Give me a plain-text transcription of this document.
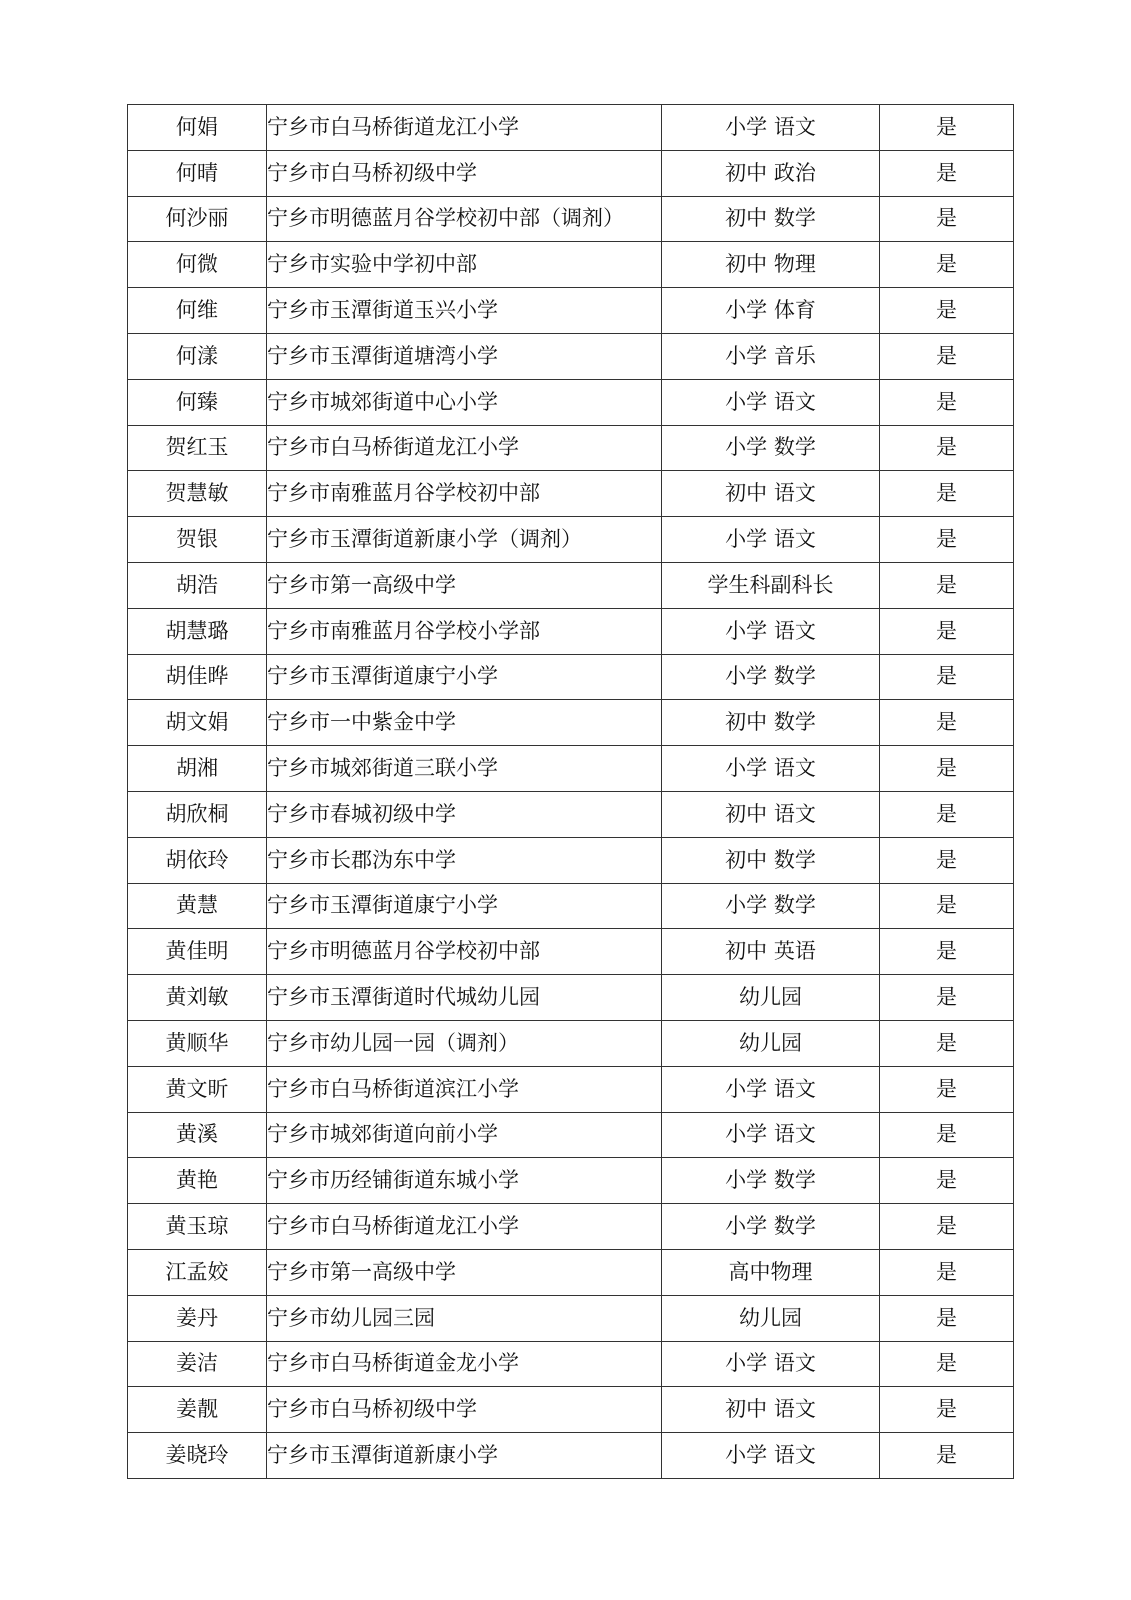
何娟	宁乡市白马桥街道龙江小学	小学 语文	是
何晴	宁乡市白马桥初级中学	初中 政治	是
何沙丽	宁乡市明德蓝月谷学校初中部（调剂）	初中 数学	是
何微	宁乡市实验中学初中部	初中 物理	是
何维	宁乡市玉潭街道玉兴小学	小学 体育	是
何漾	宁乡市玉潭街道塘湾小学	小学 音乐	是
何臻	宁乡市城郊街道中心小学	小学 语文	是
贺红玉	宁乡市白马桥街道龙江小学	小学 数学	是
贺慧敏	宁乡市南雅蓝月谷学校初中部	初中 语文	是
贺银	宁乡市玉潭街道新康小学（调剂）	小学 语文	是
胡浩	宁乡市第一高级中学	学生科副科长	是
胡慧璐	宁乡市南雅蓝月谷学校小学部	小学 语文	是
胡佳晔	宁乡市玉潭街道康宁小学	小学 数学	是
胡文娟	宁乡市一中紫金中学	初中 数学	是
胡湘	宁乡市城郊街道三联小学	小学 语文	是
胡欣桐	宁乡市春城初级中学	初中 语文	是
胡依玲	宁乡市长郡沩东中学	初中 数学	是
黄慧	宁乡市玉潭街道康宁小学	小学 数学	是
黄佳明	宁乡市明德蓝月谷学校初中部	初中 英语	是
黄刘敏	宁乡市玉潭街道时代城幼儿园	幼儿园	是
黄顺华	宁乡市幼儿园一园（调剂）	幼儿园	是
黄文昕	宁乡市白马桥街道滨江小学	小学 语文	是
黄溪	宁乡市城郊街道向前小学	小学 语文	是
黄艳	宁乡市历经铺街道东城小学	小学 数学	是
黄玉琼	宁乡市白马桥街道龙江小学	小学 数学	是
江孟姣	宁乡市第一高级中学	高中物理	是
姜丹	宁乡市幼儿园三园	幼儿园	是
姜洁	宁乡市白马桥街道金龙小学	小学 语文	是
姜靓	宁乡市白马桥初级中学	初中 语文	是
姜晓玲	宁乡市玉潭街道新康小学	小学 语文	是
